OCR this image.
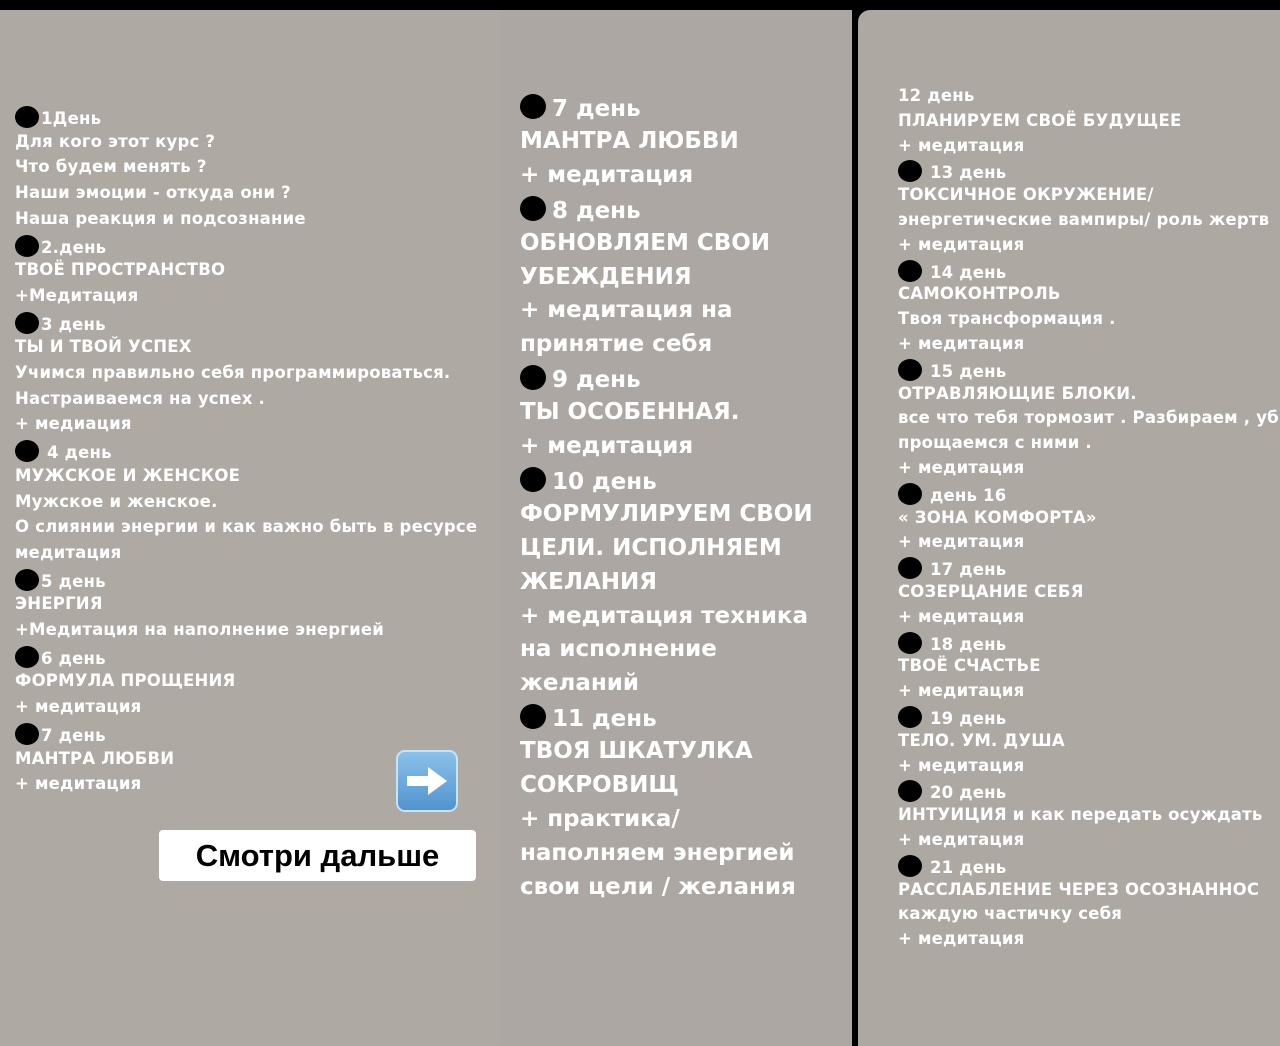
1День
Для кого этот курс ?
Что будем менять ?
Наши эмоции - откуда они ?
Наша реакция и подсознание
2.день
ТВОЁ ПРОСТРАНСТВО
+Медитация
3 день
ТЫ И ТВОЙ УСПЕХ
Учимся правильно себя программироваться.
Настраиваемся на успех .
+ медиация
4 день
МУЖСКОЕ И ЖЕНСКОЕ
Мужское и женское.
О слиянии энергии и как важно быть в ресурсе
медитация
5 день
ЭНЕРГИЯ
+Медитация на наполнение энергией
6 день
ФОРМУЛА ПРОЩЕНИЯ
+ медитация
7 день
МАНТРА ЛЮБВИ
+ медитация
Смотри дальше
7 день
МАНТРА ЛЮБВИ
+ медитация
8 день
ОБНОВЛЯЕМ СВОИ
УБЕЖДЕНИЯ
+ медитация на
принятие себя
9 день
ТЫ ОСОБЕННАЯ.
+ медитация
10 день
ФОРМУЛИРУЕМ СВОИ
ЦЕЛИ. ИСПОЛНЯЕМ
ЖЕЛАНИЯ
+ медитация техника
на исполнение
желаний
11 день
ТВОЯ ШКАТУЛКА
СОКРОВИЩ
+ практика/
наполняем энергией
свои цели / желания
12 день
ПЛАНИРУЕМ СВОЁ БУДУЩЕЕ
+ медитация
13 день
ТОКСИЧНОЕ ОКРУЖЕНИЕ/
энергетические вампиры/ роль жертв
+ медитация
14 день
САМОКОНТРОЛЬ
Твоя трансформация .
+ медитация
15 день
ОТРАВЛЯЮЩИЕ БЛОКИ.
все что тебя тормозит . Разбираем , уб
прощаемся с ними .
+ медитация
день 16
« ЗОНА КОМФОРТА»
+ медитация
17 день
СОЗЕРЦАНИЕ СЕБЯ
+ медитация
18 день
ТВОЁ СЧАСТЬЕ
+ медитация
19 день
ТЕЛО. УМ. ДУША
+ медитация
20 день
ИНТУИЦИЯ и как передать осуждать
+ медитация
21 день
РАССЛАБЛЕНИЕ ЧЕРЕЗ ОСОЗНАННОС
каждую частичку себя
+ медитация
